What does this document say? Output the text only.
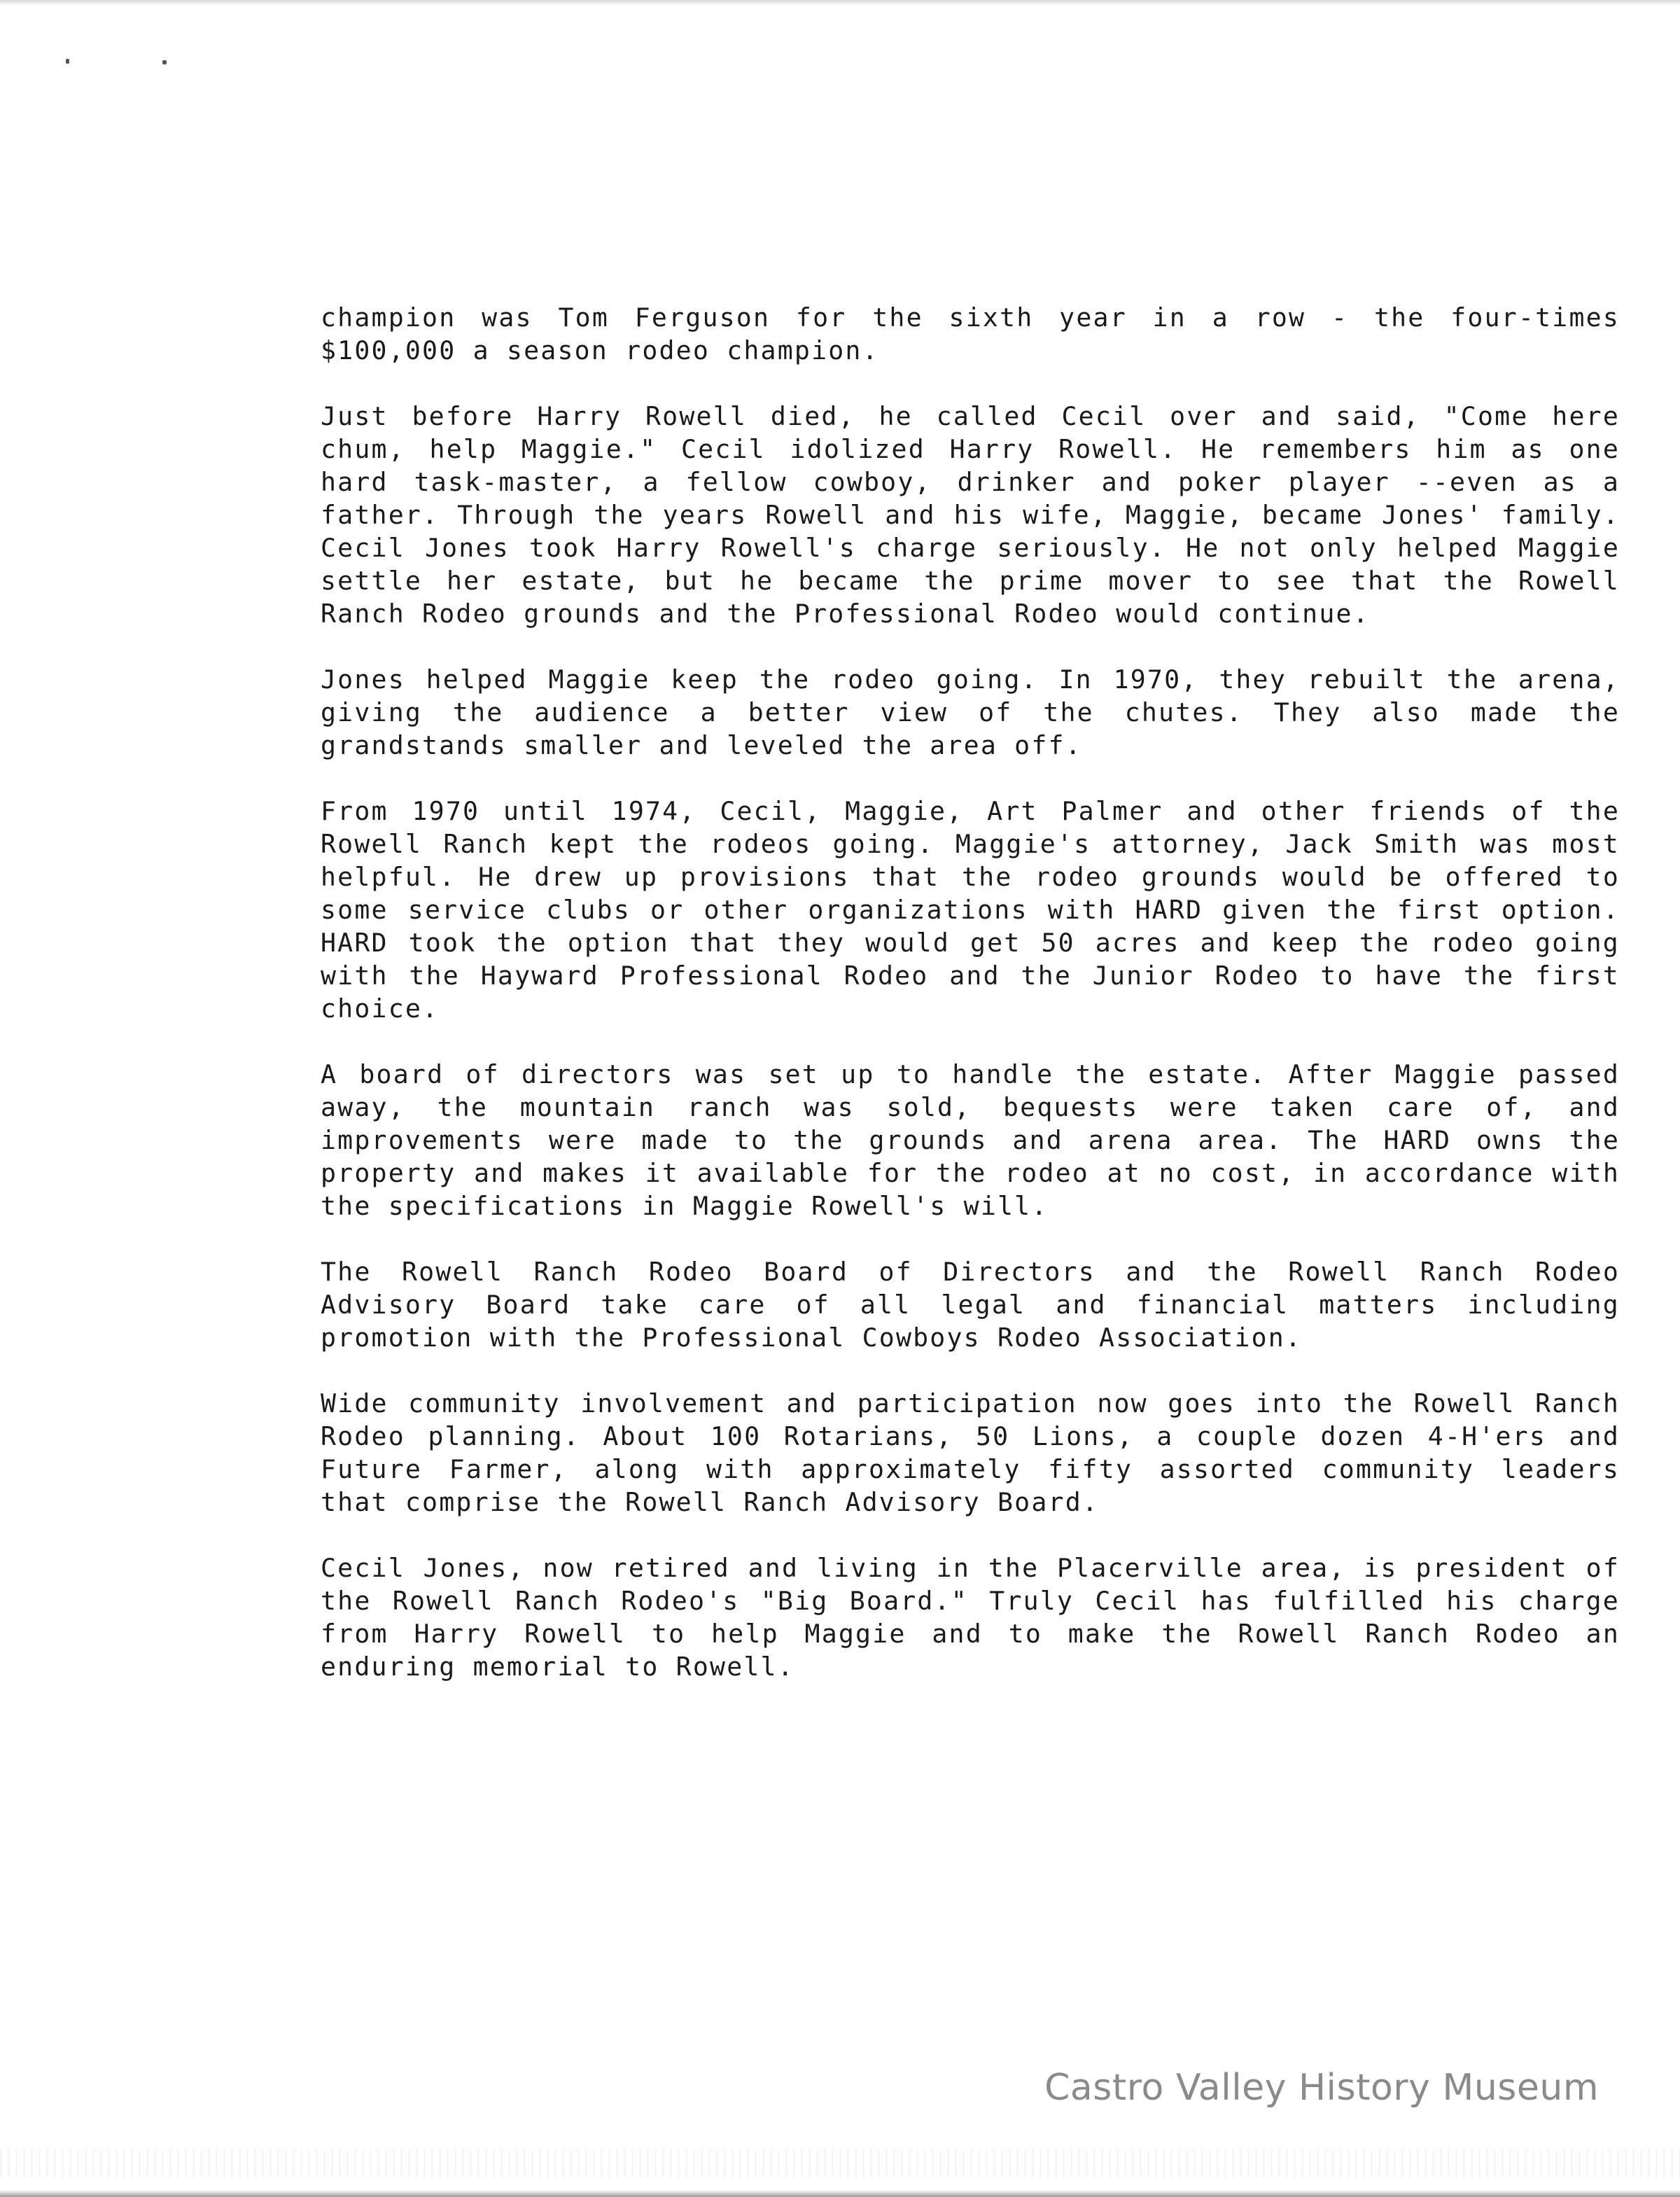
champion was Tom Ferguson for the sixth year in a row - the four-times $100,000 a season rodeo champion.

Just before Harry Rowell died, he called Cecil over and said, "Come here chum, help Maggie." Cecil idolized Harry Rowell. He remembers him as one hard task-master, a fellow cowboy, drinker and poker player --even as a father. Through the years Rowell and his wife, Maggie, became Jones' family. Cecil Jones took Harry Rowell's charge seriously. He not only helped Maggie settle her estate, but he became the prime mover to see that the Rowell Ranch Rodeo grounds and the Professional Rodeo would continue.

Jones helped Maggie keep the rodeo going. In 1970, they rebuilt the arena, giving the audience a better view of the chutes. They also made the grandstands smaller and leveled the area off.

From 1970 until 1974, Cecil, Maggie, Art Palmer and other friends of the Rowell Ranch kept the rodeos going. Maggie's attorney, Jack Smith was most helpful. He drew up provisions that the rodeo grounds would be offered to some service clubs or other organizations with HARD given the first option. HARD took the option that they would get 50 acres and keep the rodeo going with the Hayward Professional Rodeo and the Junior Rodeo to have the first choice.

A board of directors was set up to handle the estate. After Maggie passed away, the mountain ranch was sold, bequests were taken care of, and improvements were made to the grounds and arena area. The HARD owns the property and makes it available for the rodeo at no cost, in accordance with the specifications in Maggie Rowell's will.

The Rowell Ranch Rodeo Board of Directors and the Rowell Ranch Rodeo Advisory Board take care of all legal and financial matters including promotion with the Professional Cowboys Rodeo Association.

Wide community involvement and participation now goes into the Rowell Ranch Rodeo planning. About 100 Rotarians, 50 Lions, a couple dozen 4-H'ers and Future Farmer, along with approximately fifty assorted community leaders that comprise the Rowell Ranch Advisory Board.

Cecil Jones, now retired and living in the Placerville area, is president of the Rowell Ranch Rodeo's "Big Board." Truly Cecil has fulfilled his charge from Harry Rowell to help Maggie and to make the Rowell Ranch Rodeo an enduring memorial to Rowell.

Castro Valley History Museum
